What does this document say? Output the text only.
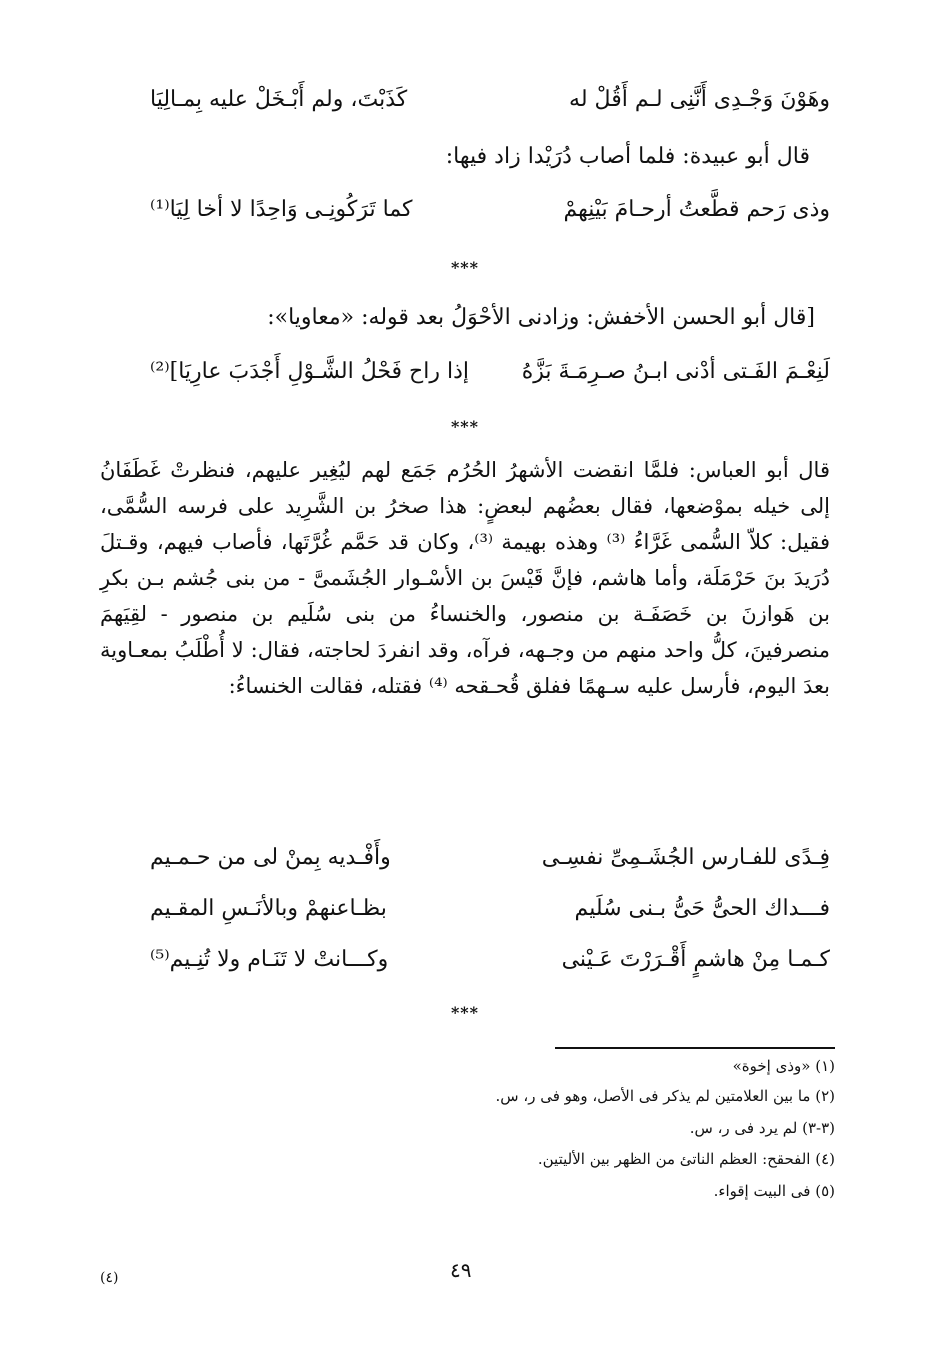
وهَوْنَ وَجْـدِى أَنَّنِى لـم أَقُلْ له
كَذَبْتَ، ولم أَبْـخَلْ عليه بِمـالِيَا
قال أبو عبيدة: فلما أصاب دُرَيْدا زاد فيها:
وذى رَحم قطَّعتُ أرحـامَ بَيْنِهمْ
كما تَرَكُونِـى وَاحِدًا لا أخا لِيَا⁽¹⁾
***
[قال أبو الحسن الأخفش: وزادنى الأحْوَلُ بعد قوله: «معاويا»:
لَنِعْـمَ الفَـتى أدْنى ابـنُ صـرِمَـةَ بَزَّهُ
إذا راح فَحْلُ الشَّـوْلِ أَجْدَبَ عارِيَا]⁽²⁾
***

قال أبو العباس: فلمَّا انقضت الأشهرُ الحُرُم جَمَع لهم ليُغِير عليهم، فنظرتْ غَطَفَانُ إلى خيله بموْضعها، فقال بعضُهم لبعضٍ: هذا صخرُ بن الشَّرِيد على فرسه السُّمَّى، فقيل: كلاّ السُّمى غَرَّاءُ ⁽³⁾ وهذه بهيمة ⁽³⁾، وكان قد حَمَّم غُرَّتَها، فأصاب فيهم، وقـتلَ دُرَيدَ بنَ حَرْمَلَة، وأما هاشم، فإنَّ قَيْسَ بن الأسْـوار الجُشَمىَّ - من بنى جُشم بـن بكرِ بن هَوازنَ بن خَصَفَـة بن منصور، والخنساءُ من بنى سُلَيم بن منصور - لقِيَهمَ منصرفينَ، كلُّ واحد منهم من وجـهه، فرآه، وقد انفردَ لحاجته، فقال: لا أُطْلَبُ بمعـاوية بعدَ اليوم، فأرسل عليه سـهمًا ففلق قُحـقحه ⁽⁴⁾ فقتله، فقالت الخنساءُ:

فِـدًى للفـارس الجُشَـمِىِّ نفسِـى
وأَفْـديه بِمنْ لى من حـمـيم
فـــداك الحىُّ حَىُّ بـنى سُلَيم
بظـاعنهمْ وبالأنَـسِ المقـيم
كـمـا مِنْ هاشمٍ أَقْـرَرْتَ عَـيْنى
وكـــانتْ لا تَنَـام ولا تُنِـيم⁽⁵⁾
***
(١) «وذى إخوة»
(٢) ما بين العلامتين لم يذكر فى الأصل، وهو فى ر، س.
(٣-٣) لم يرد فى ر، س.
(٤) الفحقح: العظم الناتئ من الظهر بين الأليتين.
(٥) فى البيت إقواء.
٤٩
(٤)
